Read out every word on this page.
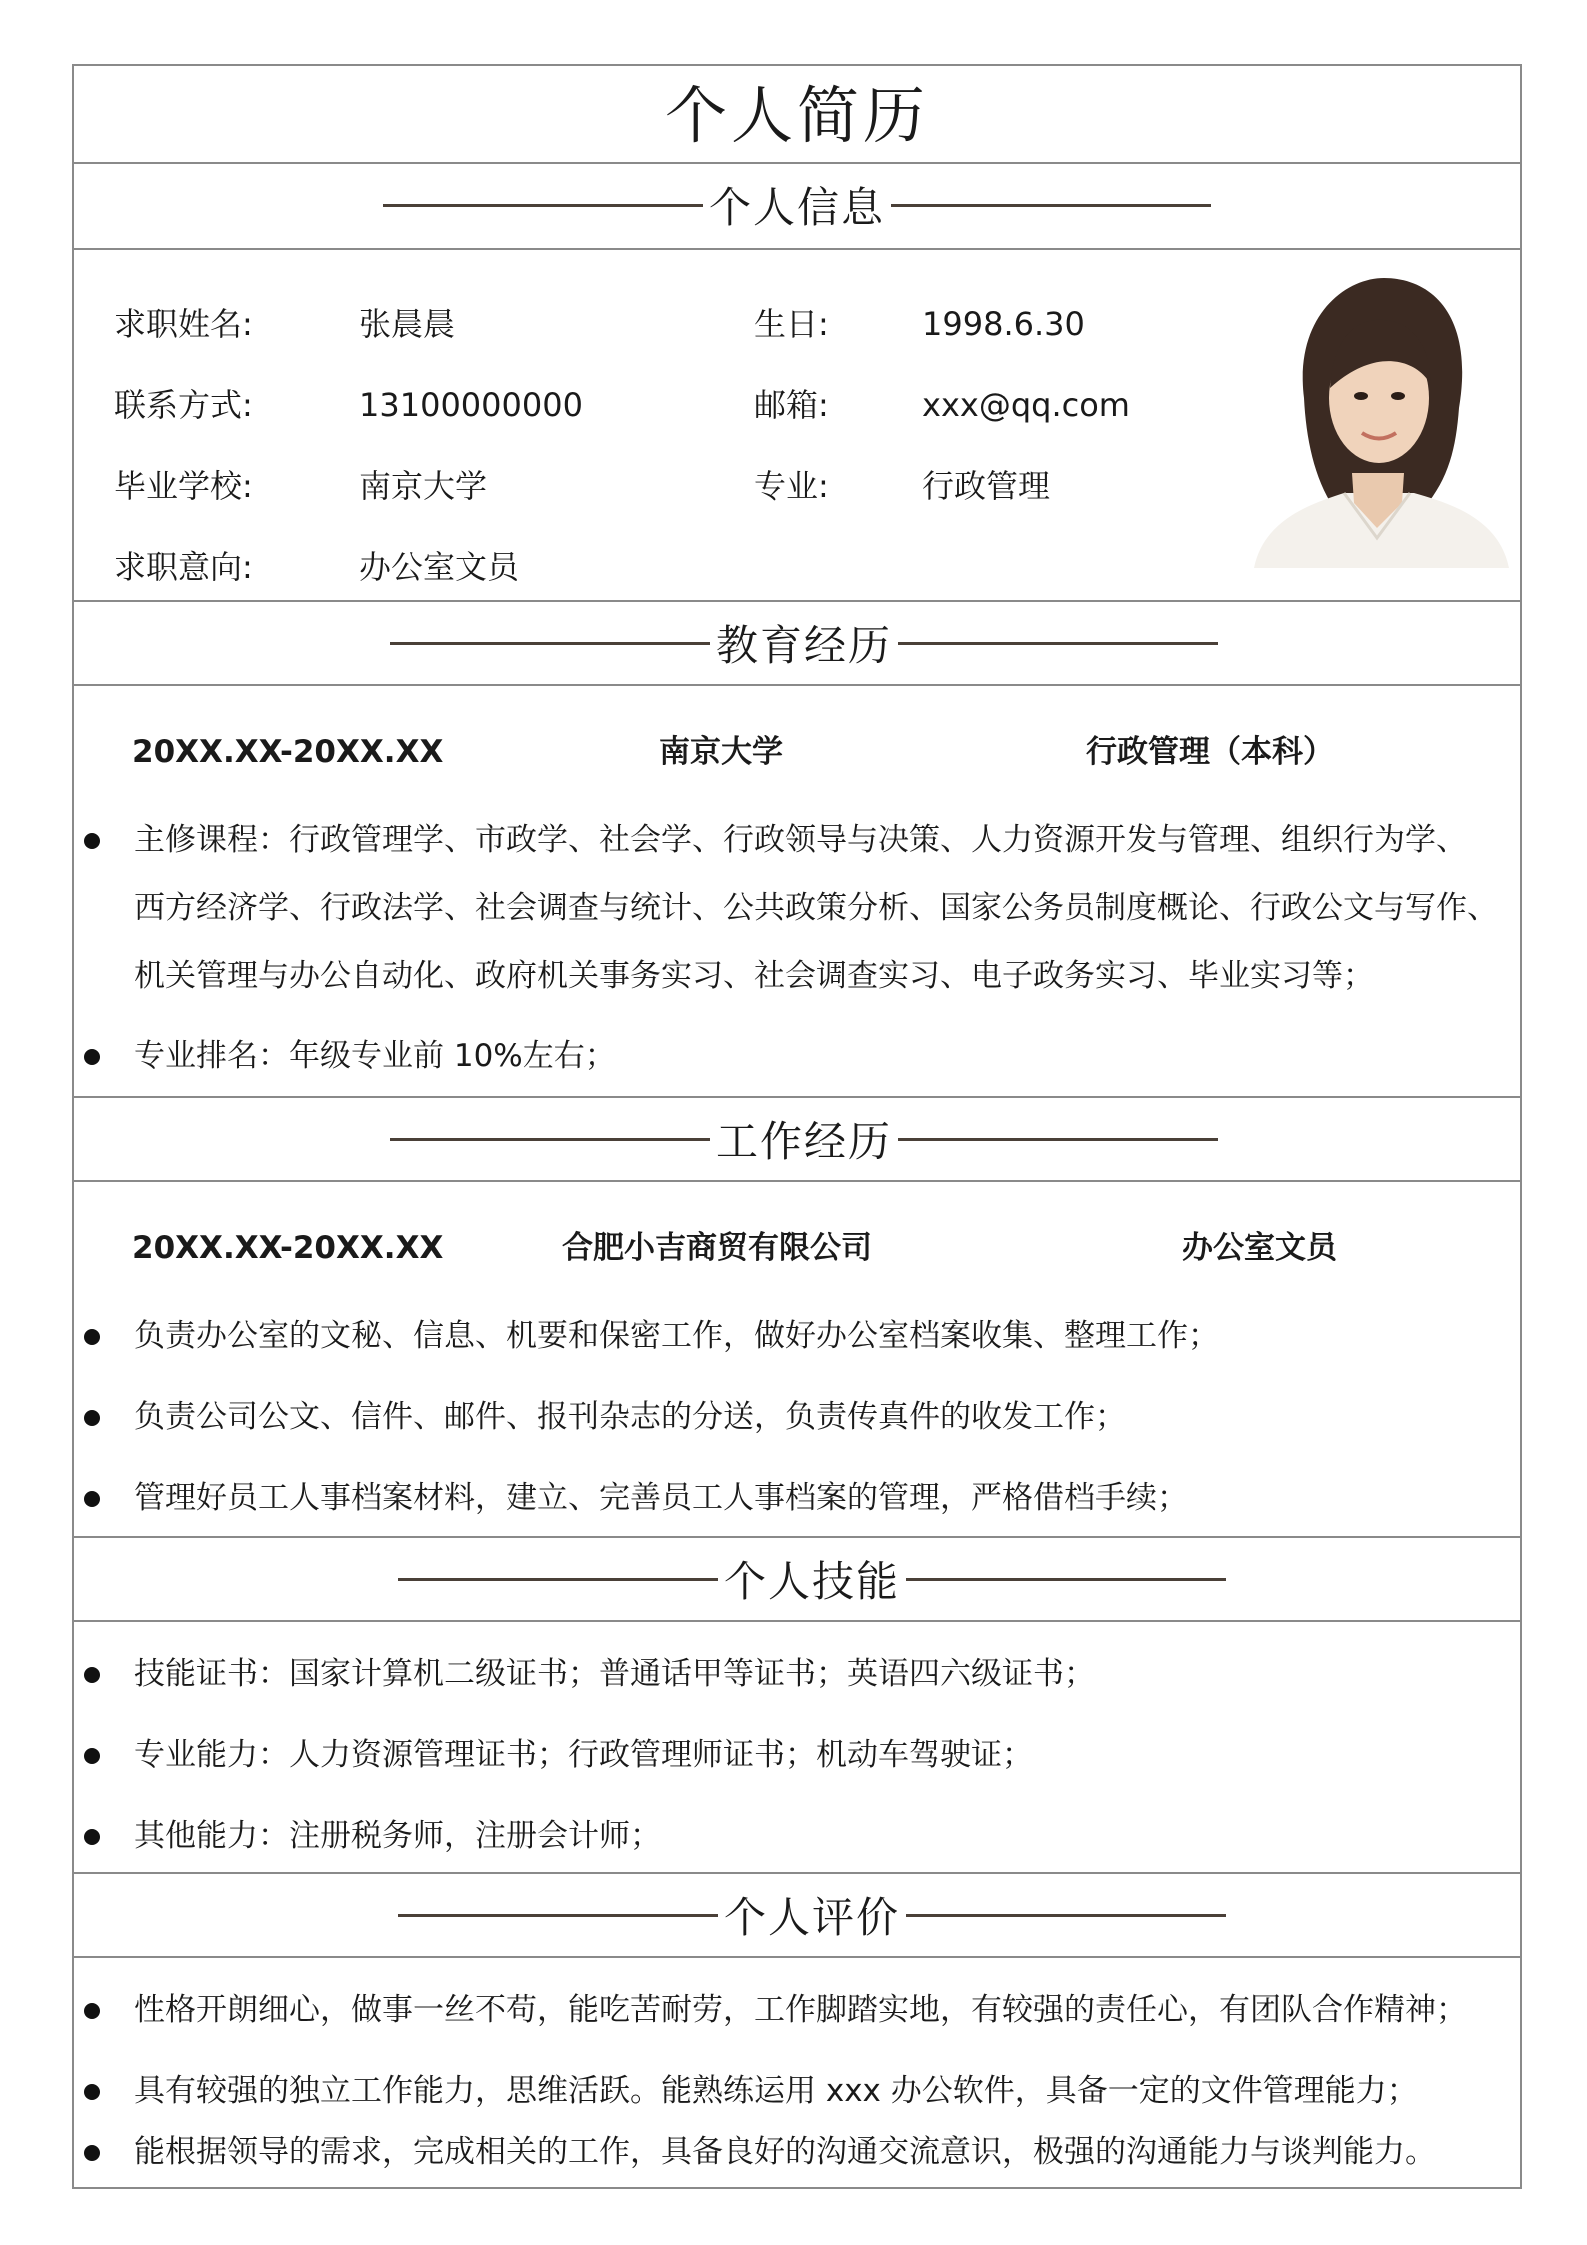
个人简历
个人信息
求职姓名:	张晨晨	生日:	1998.6.30
联系方式:	13100000000	邮箱:	xxx@qq.com
毕业学校:	南京大学	专业:	行政管理
求职意向:	办公室文员
教育经历
20XX.XX-20XX.XX	南京大学	行政管理（本科）
主修课程：行政管理学、市政学、社会学、行政领导与决策、人力资源开发与管理、组织行为学、
西方经济学、行政法学、社会调查与统计、公共政策分析、国家公务员制度概论、行政公文与写作、
机关管理与办公自动化、政府机关事务实习、社会调查实习、电子政务实习、毕业实习等；
专业排名：年级专业前 10%左右；
工作经历
20XX.XX-20XX.XX	合肥小吉商贸有限公司	办公室文员
负责办公室的文秘、信息、机要和保密工作，做好办公室档案收集、整理工作；
负责公司公文、信件、邮件、报刊杂志的分送，负责传真件的收发工作；
管理好员工人事档案材料，建立、完善员工人事档案的管理，严格借档手续；
个人技能
技能证书：国家计算机二级证书；普通话甲等证书；英语四六级证书；
专业能力：人力资源管理证书；行政管理师证书；机动车驾驶证；
其他能力：注册税务师，注册会计师；
个人评价
性格开朗细心，做事一丝不苟，能吃苦耐劳，工作脚踏实地，有较强的责任心，有团队合作精神；
具有较强的独立工作能力，思维活跃。能熟练运用 xxx 办公软件，具备一定的文件管理能力；
能根据领导的需求，完成相关的工作，具备良好的沟通交流意识，极强的沟通能力与谈判能力。
